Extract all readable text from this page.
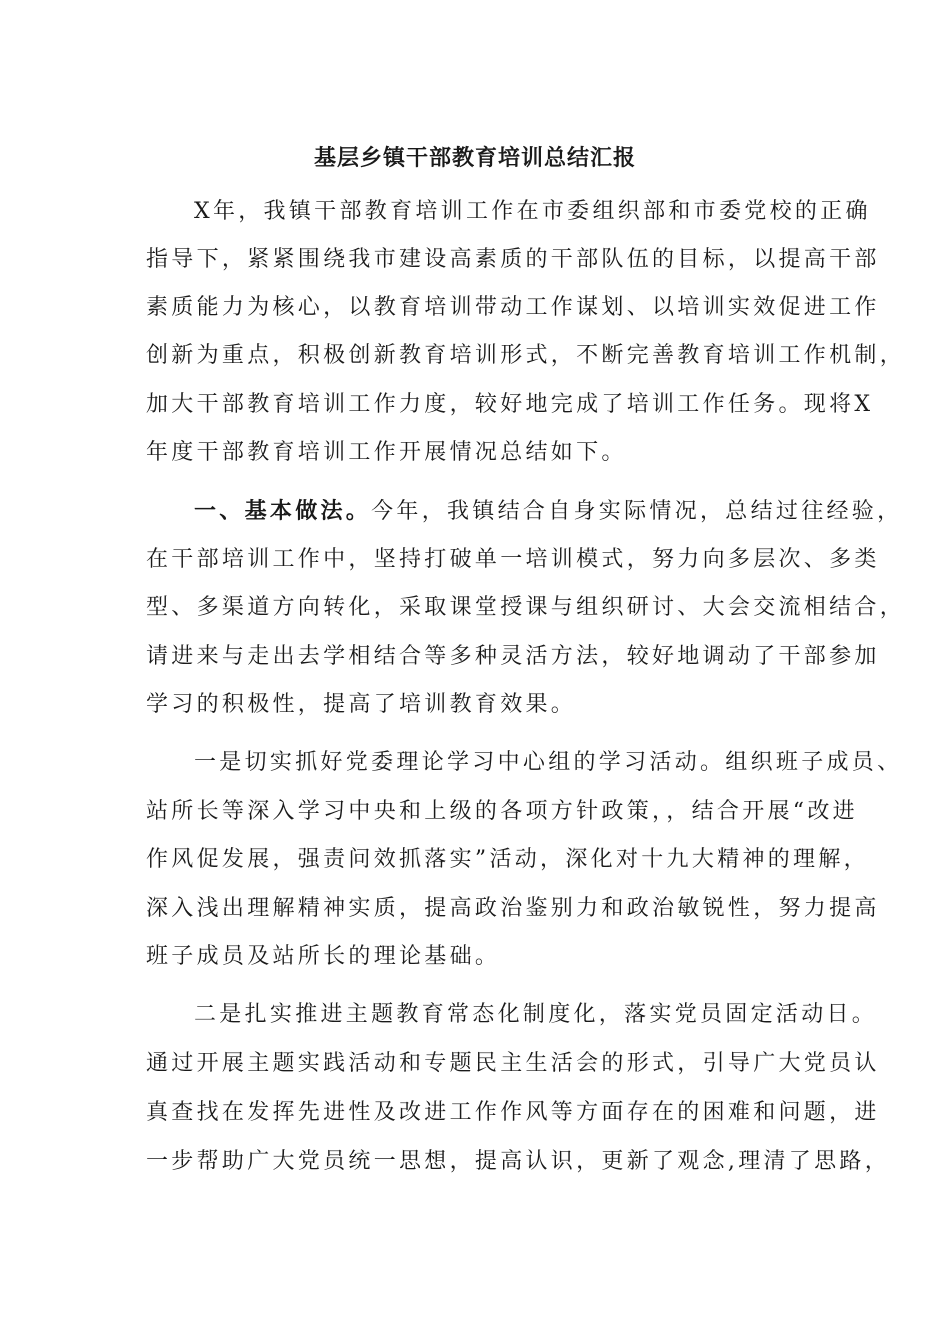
基层乡镇干部教育培训总结汇报
X年，我镇干部教育培训工作在市委组织部和市委党校的正确
指导下，紧紧围绕我市建设高素质的干部队伍的目标，以提高干部
素质能力为核心，以教育培训带动工作谋划、以培训实效促进工作
创新为重点，积极创新教育培训形式，不断完善教育培训工作机制，
加大干部教育培训工作力度，较好地完成了培训工作任务。现将X
年度干部教育培训工作开展情况总结如下。
一、基本做法。今年，我镇结合自身实际情况，总结过往经验，
在干部培训工作中，坚持打破单一培训模式，努力向多层次、多类
型、多渠道方向转化，采取课堂授课与组织研讨、大会交流相结合，
请进来与走出去学相结合等多种灵活方法，较好地调动了干部参加
学习的积极性，提高了培训教育效果。
一是切实抓好党委理论学习中心组的学习活动。组织班子成员、
站所长等深入学习中央和上级的各项方针政策，，结合开展“改进
作风促发展，强责问效抓落实”活动，深化对十九大精神的理解，
深入浅出理解精神实质，提高政治鉴别力和政治敏锐性，努力提高
班子成员及站所长的理论基础。
二是扎实推进主题教育常态化制度化，落实党员固定活动日。
通过开展主题实践活动和专题民主生活会的形式，引导广大党员认
真查找在发挥先进性及改进工作作风等方面存在的困难和问题，进
一步帮助广大党员统一思想，提高认识，更新了观念,理清了思路，
